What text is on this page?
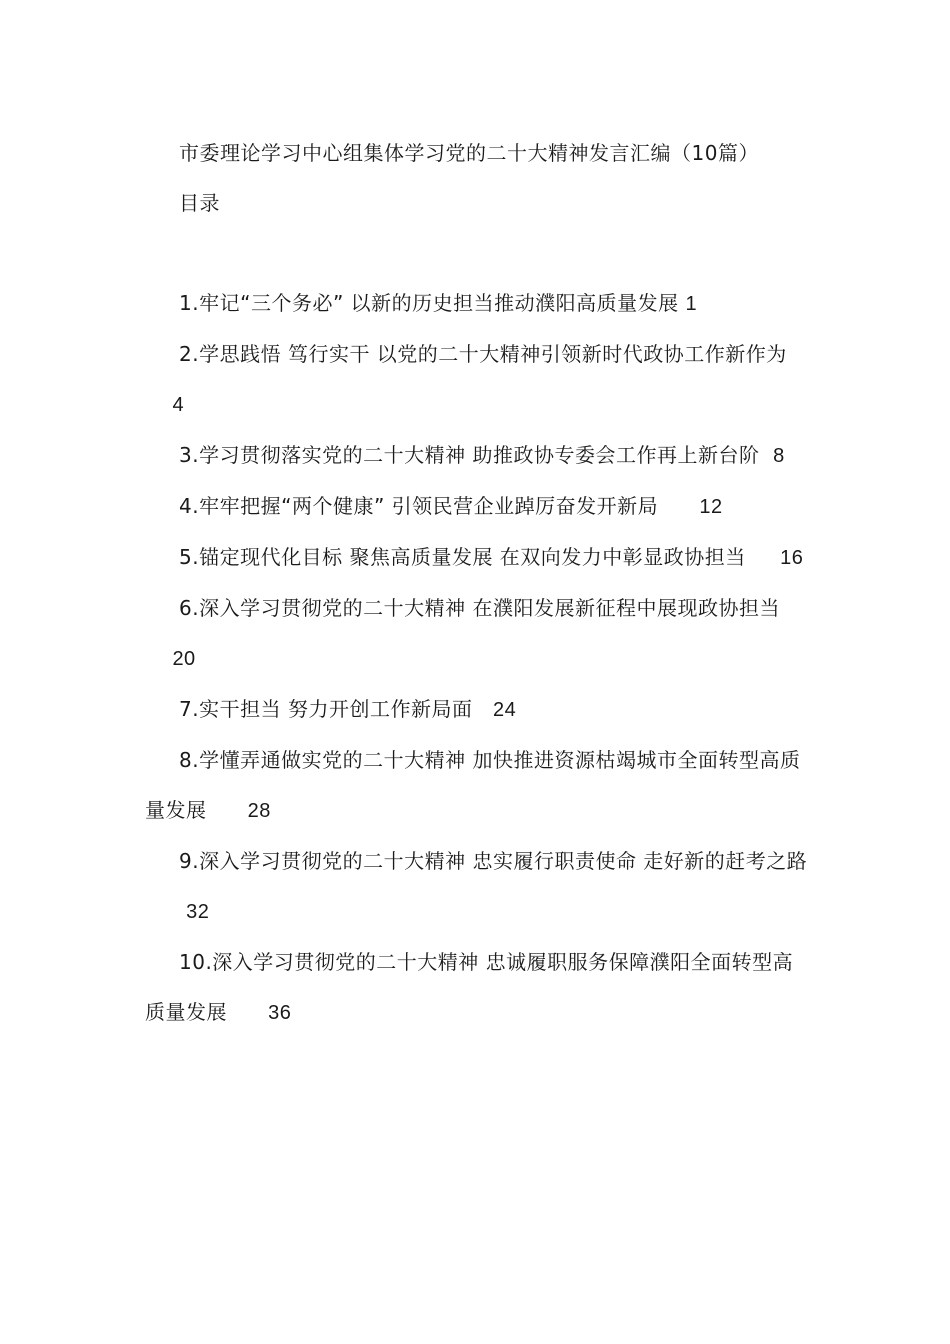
市委理论学习中心组集体学习党的二十大精神发言汇编（10篇）

目录

1.牢记“三个务必” 以新的历史担当推动濮阳高质量发展 1
2.学思践悟 笃行实干 以党的二十大精神引领新时代政协工作新作为    4
3.学习贯彻落实党的二十大精神 助推政协专委会工作再上新台阶 8
4.牢牢把握“两个健康” 引领民营企业踔厉奋发开新局 12
5.锚定现代化目标 聚焦高质量发展 在双向发力中彰显政协担当 16
6.深入学习贯彻党的二十大精神 在濮阳发展新征程中展现政协担当    20
7.实干担当 努力开创工作新局面 24
8.学懂弄通做实党的二十大精神 加快推进资源枯竭城市全面转型高质量发展 28
9.深入学习贯彻党的二十大精神 忠实履行职责使命 走好新的赶考之路      32
10.深入学习贯彻党的二十大精神 忠诚履职服务保障濮阳全面转型高质量发展 36
